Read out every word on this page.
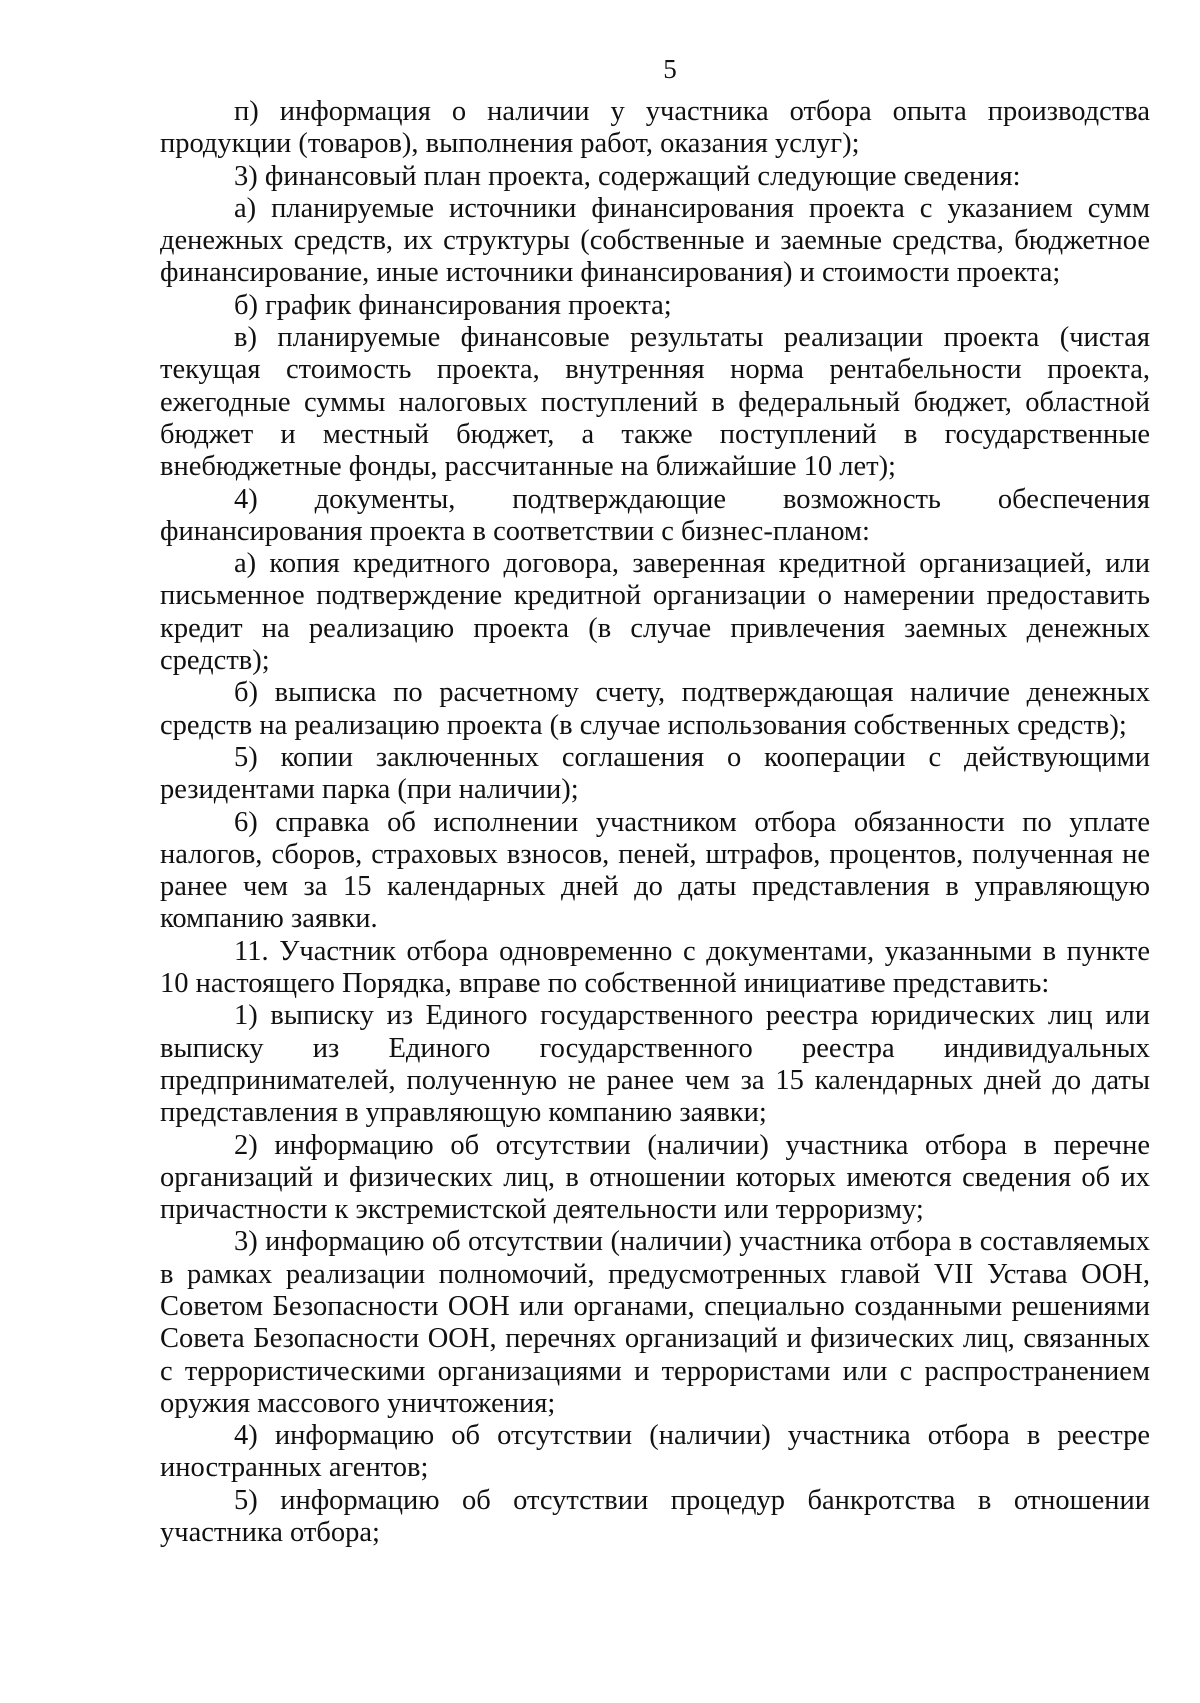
5

п) информация о наличии у участника отбора опыта производства продукции (товаров), выполнения работ, оказания услуг);

3) финансовый план проекта, содержащий следующие сведения:

а) планируемые источники финансирования проекта с указанием сумм денежных средств, их структуры (собственные и заемные средства, бюджетное финансирование, иные источники финансирования) и стоимости проекта;

б) график финансирования проекта;

в) планируемые финансовые результаты реализации проекта (чистая текущая стоимость проекта, внутренняя норма рентабельности проекта, ежегодные суммы налоговых поступлений в федеральный бюджет, областной бюджет и местный бюджет, а также поступлений в государственные внебюджетные фонды, рассчитанные на ближайшие 10 лет);

4) документы, подтверждающие возможность обеспечения финансирования проекта в соответствии с бизнес-планом:

а) копия кредитного договора, заверенная кредитной организацией, или письменное подтверждение кредитной организации о намерении предоставить кредит на реализацию проекта (в случае привлечения заемных денежных средств);

б) выписка по расчетному счету, подтверждающая наличие денежных средств на реализацию проекта (в случае использования собственных средств);

5) копии заключенных соглашения о кооперации с действующими резидентами парка (при наличии);

6) справка об исполнении участником отбора обязанности по уплате налогов, сборов, страховых взносов, пеней, штрафов, процентов, полученная не ранее чем за 15 календарных дней до даты представления в управляющую компанию заявки.

11. Участник отбора одновременно с документами, указанными в пункте 10 настоящего Порядка, вправе по собственной инициативе представить:

1) выписку из Единого государственного реестра юридических лиц или выписку из Единого государственного реестра индивидуальных предпринимателей, полученную не ранее чем за 15 календарных дней до даты представления в управляющую компанию заявки;

2) информацию об отсутствии (наличии) участника отбора в перечне организаций и физических лиц, в отношении которых имеются сведения об их причастности к экстремистской деятельности или терроризму;

3) информацию об отсутствии (наличии) участника отбора в составляемых в рамках реализации полномочий, предусмотренных главой VII Устава ООН, Советом Безопасности ООН или органами, специально созданными решениями Совета Безопасности ООН, перечнях организаций и физических лиц, связанных с террористическими организациями и террористами или с распространением оружия массового уничтожения;

4) информацию об отсутствии (наличии) участника отбора в реестре иностранных агентов;

5) информацию об отсутствии процедур банкротства в отношении участника отбора;
